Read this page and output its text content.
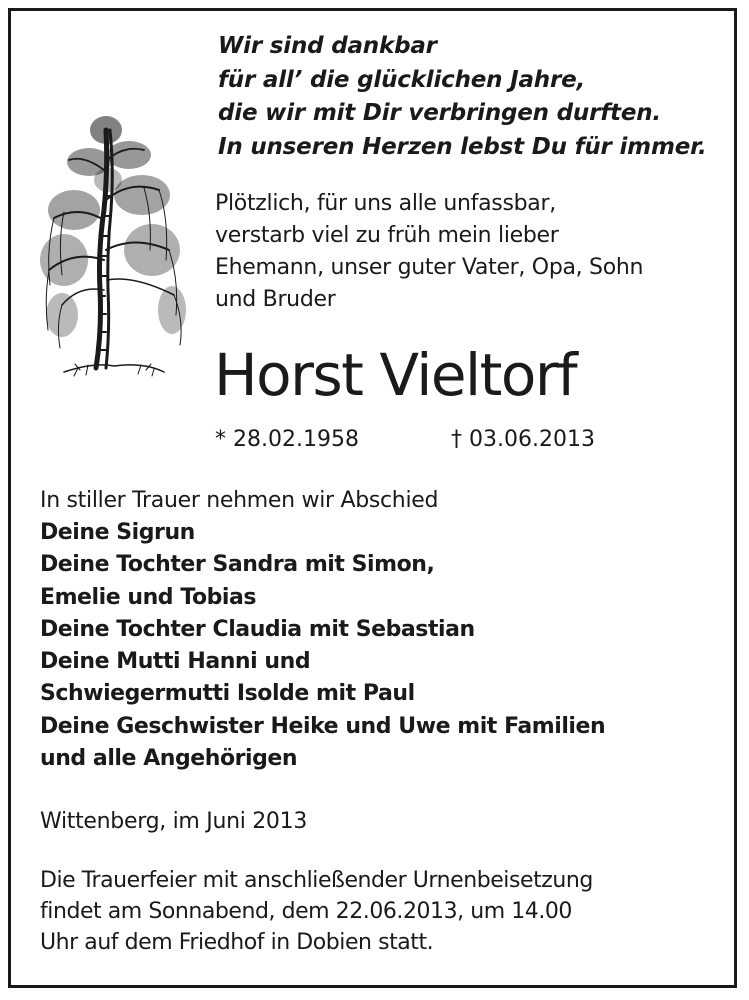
Wir sind dankbar
für all’ die glücklichen Jahre,
die wir mit Dir verbringen durften.
In unseren Herzen lebst Du für immer.
Plötzlich, für uns alle unfassbar,
verstarb viel zu früh mein lieber
Ehemann, unser guter Vater, Opa, Sohn
und Bruder
Horst Vieltorf
* 28.02.1958	† 03.06.2013
In stiller Trauer nehmen wir Abschied
Deine Sigrun
Deine Tochter Sandra mit Simon,
Emelie und Tobias
Deine Tochter Claudia mit Sebastian
Deine Mutti Hanni und
Schwiegermutti Isolde mit Paul
Deine Geschwister Heike und Uwe mit Familien
und alle Angehörigen
Wittenberg, im Juni 2013
Die Trauerfeier mit anschließender Urnenbeisetzung
findet am Sonnabend, dem 22.06.2013, um 14.00
Uhr auf dem Friedhof in Dobien statt.
